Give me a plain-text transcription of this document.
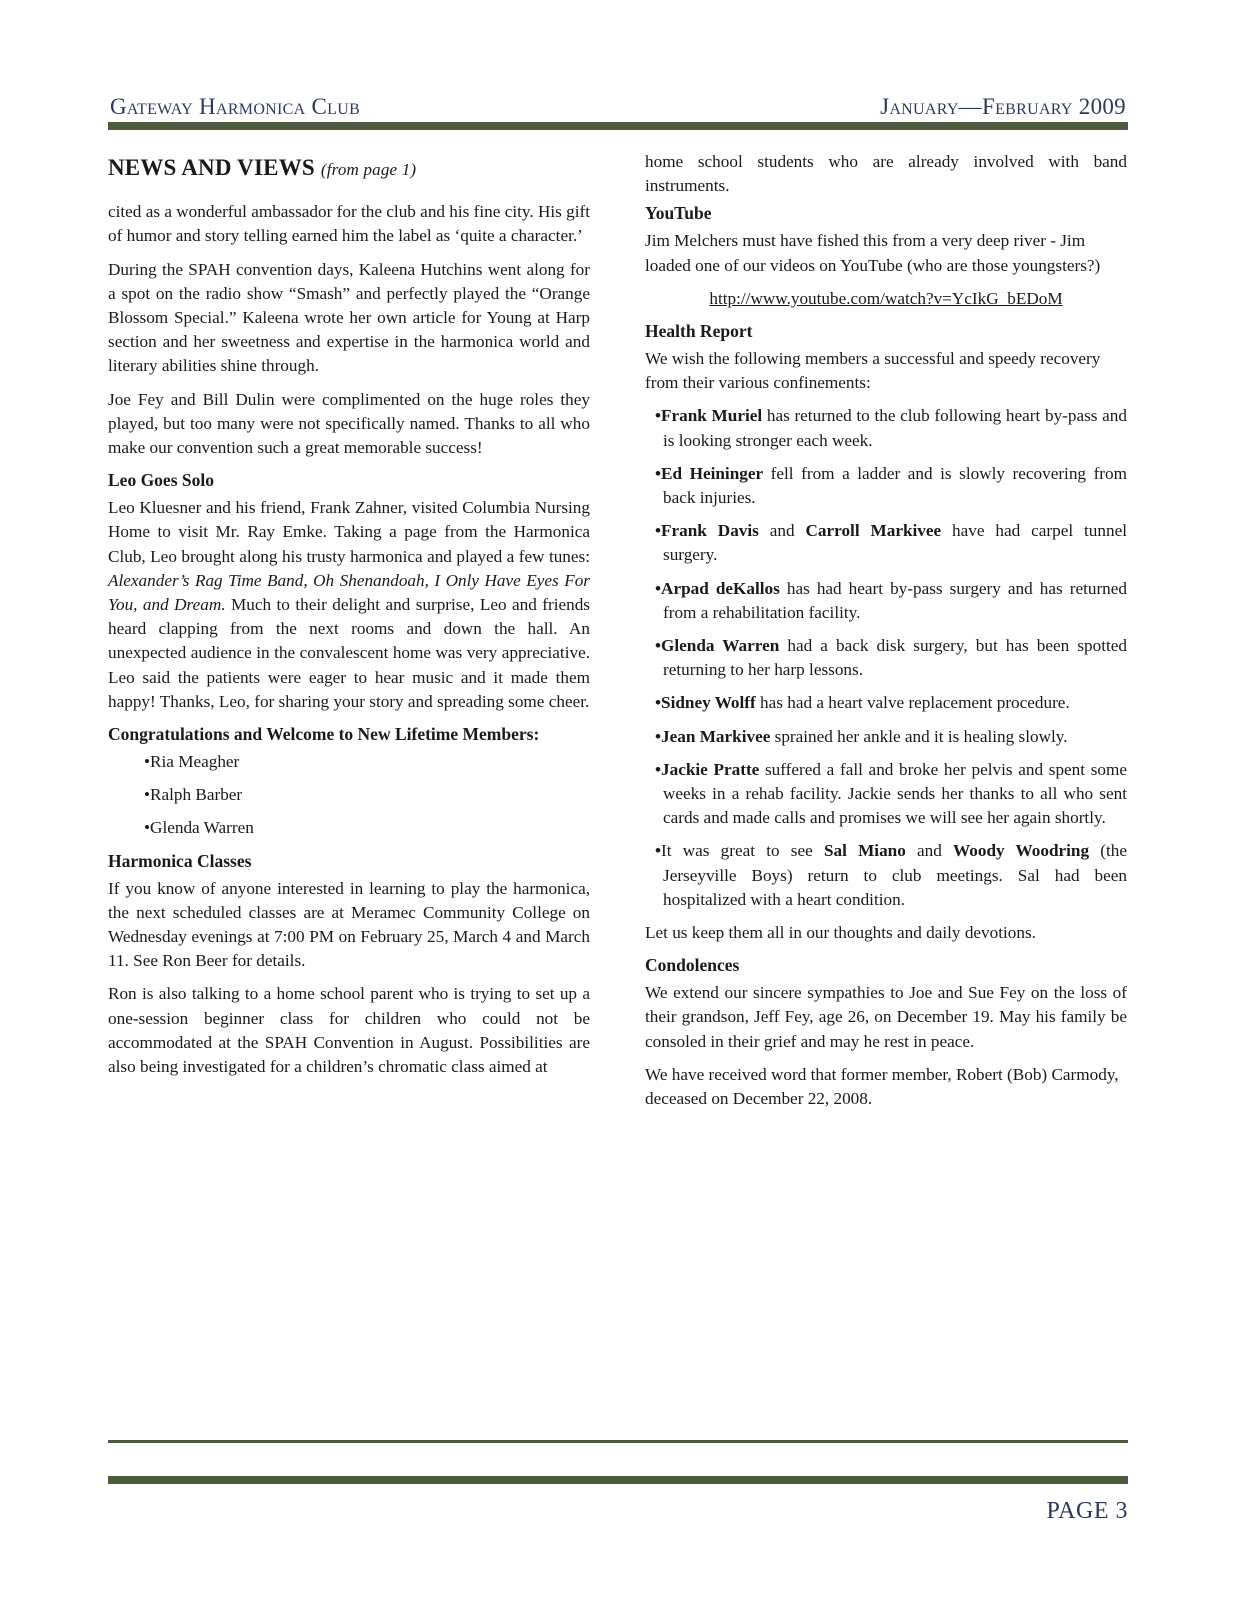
Gateway Harmonica Club	January—February 2009
NEWS AND VIEWS (from page 1)

cited as a wonderful ambassador for the club and his fine city. His gift of humor and story telling earned him the label as ‘quite a character.’

During the SPAH convention days, Kaleena Hutchins went along for a spot on the radio show “Smash” and perfectly played the “Orange Blossom Special.” Kaleena wrote her own article for Young at Harp section and her sweetness and expertise in the harmonica world and literary abilities shine through.

Joe Fey and Bill Dulin were complimented on the huge roles they played, but too many were not specifically named. Thanks to all who make our convention such a great memorable success!

Leo Goes Solo

Leo Kluesner and his friend, Frank Zahner, visited Columbia Nursing Home to visit Mr. Ray Emke. Taking a page from the Harmonica Club, Leo brought along his trusty harmonica and played a few tunes: Alexander’s Rag Time Band, Oh Shenandoah, I Only Have Eyes For You, and Dream. Much to their delight and surprise, Leo and friends heard clapping from the next rooms and down the hall. An unexpected audience in the convalescent home was very appreciative. Leo said the patients were eager to hear music and it made them happy! Thanks, Leo, for sharing your story and spreading some cheer.

Congratulations and Welcome to New Lifetime Members:
• Ria Meagher
• Ralph Barber
• Glenda Warren
Harmonica Classes

If you know of anyone interested in learning to play the harmonica, the next scheduled classes are at Meramec Community College on Wednesday evenings at 7:00 PM on February 25, March 4 and March 11. See Ron Beer for details.

Ron is also talking to a home school parent who is trying to set up a one-session beginner class for children who could not be accommodated at the SPAH Convention in August. Possibilities are also being investigated for a children’s chromatic class aimed at

home school students who are already involved with band instruments.

YouTube

Jim Melchers must have fished this from a very deep river - Jim loaded one of our videos on YouTube (who are those youngsters?)

http://www.youtube.com/watch?v=YcIkG_bEDoM

Health Report

We wish the following members a successful and speedy recovery from their various confinements:

• Frank Muriel has returned to the club following heart by-pass and is looking stronger each week.

• Ed Heininger fell from a ladder and is slowly recovering from back injuries.

• Frank Davis and Carroll Markivee have had carpel tunnel surgery.

• Arpad deKallos has had heart by-pass surgery and has returned from a rehabilitation facility.

• Glenda Warren had a back disk surgery, but has been spotted returning to her harp lessons.

• Sidney Wolff has had a heart valve replacement procedure.

• Jean Markivee sprained her ankle and it is healing slowly.

• Jackie Pratte suffered a fall and broke her pelvis and spent some weeks in a rehab facility. Jackie sends her thanks to all who sent cards and made calls and promises we will see her again shortly.

• It was great to see Sal Miano and Woody Woodring (the Jerseyville Boys) return to club meetings. Sal had been hospitalized with a heart condition.

Let us keep them all in our thoughts and daily devotions.

Condolences

We extend our sincere sympathies to Joe and Sue Fey on the loss of their grandson, Jeff Fey, age 26, on December 19. May his family be consoled in their grief and may he rest in peace.

We have received word that former member, Robert (Bob) Carmody, deceased on December 22, 2008.

PAGE 3
